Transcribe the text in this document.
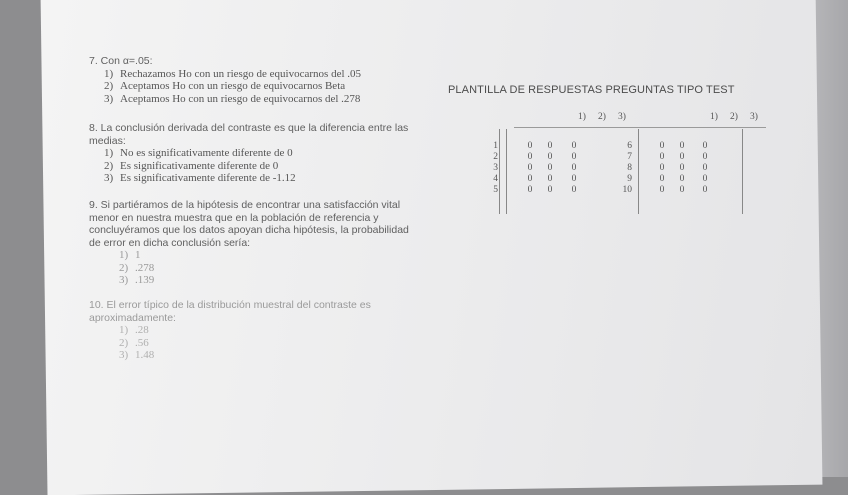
7. Con α=.05:
1) Rechazamos Ho con un riesgo de equivocarnos del .05
2) Aceptamos Ho con un riesgo de equivocarnos Beta
3) Aceptamos Ho con un riesgo de equivocarnos del .278
8. La conclusión derivada del contraste es que la diferencia entre las
medias:
1) No es significativamente diferente de 0
2) Es significativamente diferente de 0
3) Es significativamente diferente de -1.12
9. Si partiéramos de la hipótesis de encontrar una satisfacción vital
menor en nuestra muestra que en la población de referencia y
concluyéramos que los datos apoyan dicha hipótesis, la probabilidad
de error en dicha conclusión sería:
1) 1
2) .278
3) .139
10. El error típico de la distribución muestral del contraste es
aproximadamente:
1) .28
2) .56
3) 1.48
PLANTILLA DE RESPUESTAS PREGUNTAS TIPO TEST
1) 2) 3)
1	0	0	0
2	0	0	0
3	0	0	0
4	0	0	0
5	0	0	0
1) 2) 3)
6	0	0	0
7	0	0	0
8	0	0	0
9	0	0	0
10	0	0	0
